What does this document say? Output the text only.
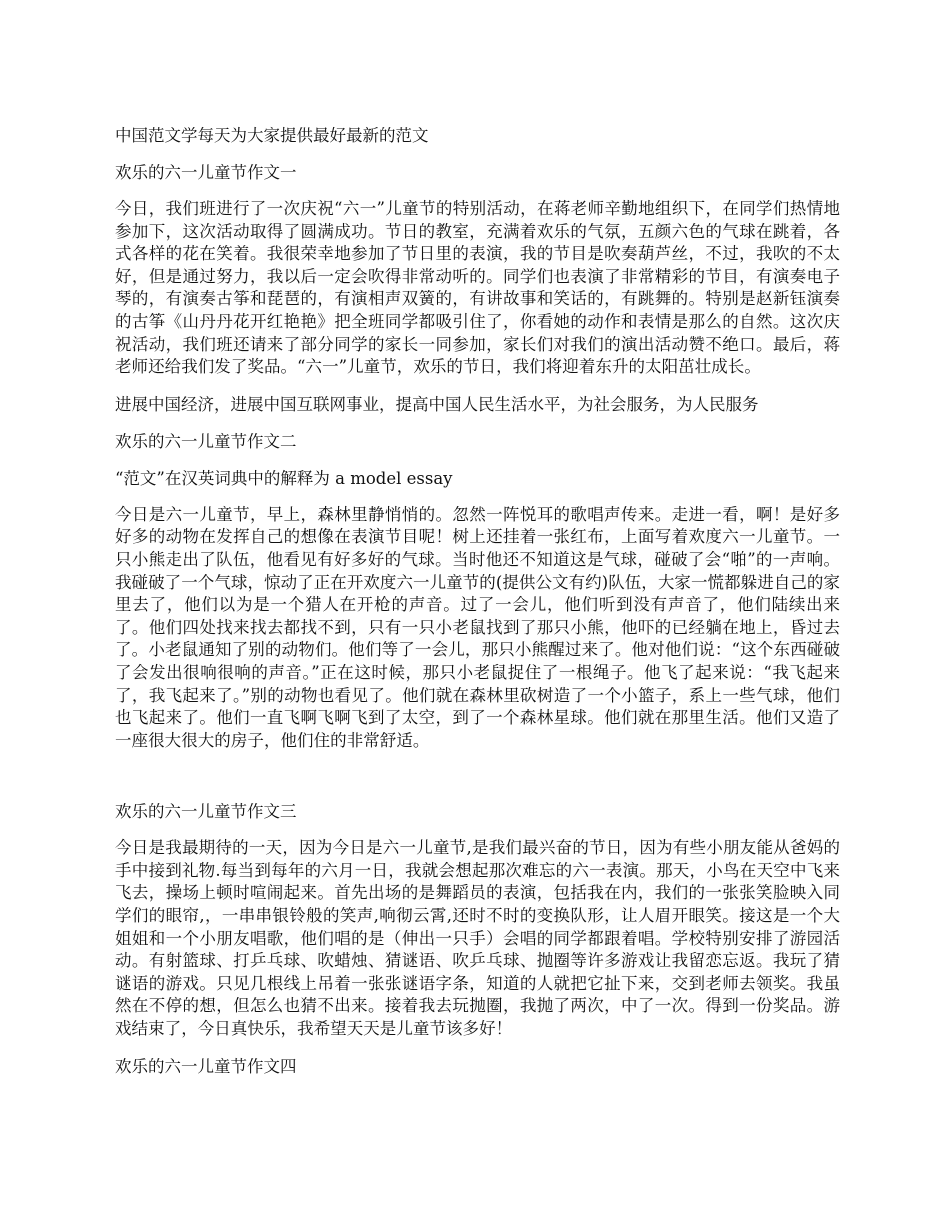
中国范文学每天为大家提供最好最新的范文
欢乐的六一儿童节作文一
今日，我们班进行了一次庆祝“六一”儿童节的特别活动，在蒋老师辛勤地组织下，在同学们热情地参加下，这次活动取得了圆满成功。节日的教室，充满着欢乐的气氛，五颜六色的气球在跳着，各式各样的花在笑着。我很荣幸地参加了节日里的表演，我的节目是吹奏葫芦丝，不过，我吹的不太好，但是通过努力，我以后一定会吹得非常动听的。同学们也表演了非常精彩的节目，有演奏电子琴的，有演奏古筝和琵琶的，有演相声双簧的，有讲故事和笑话的，有跳舞的。特别是赵新钰演奏的古筝《山丹丹花开红艳艳》把全班同学都吸引住了，你看她的动作和表情是那么的自然。这次庆祝活动，我们班还请来了部分同学的家长一同参加，家长们对我们的演出活动赞不绝口。最后，蒋老师还给我们发了奖品。“六一”儿童节，欢乐的节日，我们将迎着东升的太阳茁壮成长。
进展中国经济，进展中国互联网事业，提高中国人民生活水平，为社会服务，为人民服务
欢乐的六一儿童节作文二
“范文”在汉英词典中的解释为 a model essay
今日是六一儿童节，早上，森林里静悄悄的。忽然一阵悦耳的歌唱声传来。走进一看，啊！是好多好多的动物在发挥自己的想像在表演节目呢！树上还挂着一张红布，上面写着欢度六一儿童节。一只小熊走出了队伍，他看见有好多好的气球。当时他还不知道这是气球，碰破了会“啪”的一声响。我碰破了一个气球，惊动了正在开欢度六一儿童节的(提供公文有约)队伍，大家一慌都躲进自己的家里去了，他们以为是一个猎人在开枪的声音。过了一会儿，他们听到没有声音了，他们陆续出来了。他们四处找来找去都找不到，只有一只小老鼠找到了那只小熊，他吓的已经躺在地上，昏过去了。小老鼠通知了别的动物们。他们等了一会儿，那只小熊醒过来了。他对他们说：“这个东西碰破了会发出很响很响的声音。”正在这时候，那只小老鼠捉住了一根绳子。他飞了起来说：“我飞起来了，我飞起来了。”别的动物也看见了。他们就在森林里砍树造了一个小篮子，系上一些气球，他们也飞起来了。他们一直飞啊飞啊飞到了太空，到了一个森林星球。他们就在那里生活。他们又造了一座很大很大的房子，他们住的非常舒适。
欢乐的六一儿童节作文三
今日是我最期待的一天，因为今日是六一儿童节,是我们最兴奋的节日，因为有些小朋友能从爸妈的手中接到礼物.每当到每年的六月一日，我就会想起那次难忘的六一表演。那天，小鸟在天空中飞来飞去，操场上顿时喧闹起来。首先出场的是舞蹈员的表演，包括我在内，我们的一张张笑脸映入同学们的眼帘,，一串串银铃般的笑声,响彻云霄,还时不时的变换队形，让人眉开眼笑。接这是一个大姐姐和一个小朋友唱歌，他们唱的是（伸出一只手）会唱的同学都跟着唱。学校特别安排了游园活动。有射篮球、打乒乓球、吹蜡烛、猜谜语、吹乒乓球、抛圈等许多游戏让我留恋忘返。我玩了猜谜语的游戏。只见几根线上吊着一张张谜语字条，知道的人就把它扯下来，交到老师去领奖。我虽然在不停的想，但怎么也猜不出来。接着我去玩抛圈，我抛了两次，中了一次。得到一份奖品。游戏结束了，今日真快乐，我希望天天是儿童节该多好！
欢乐的六一儿童节作文四
